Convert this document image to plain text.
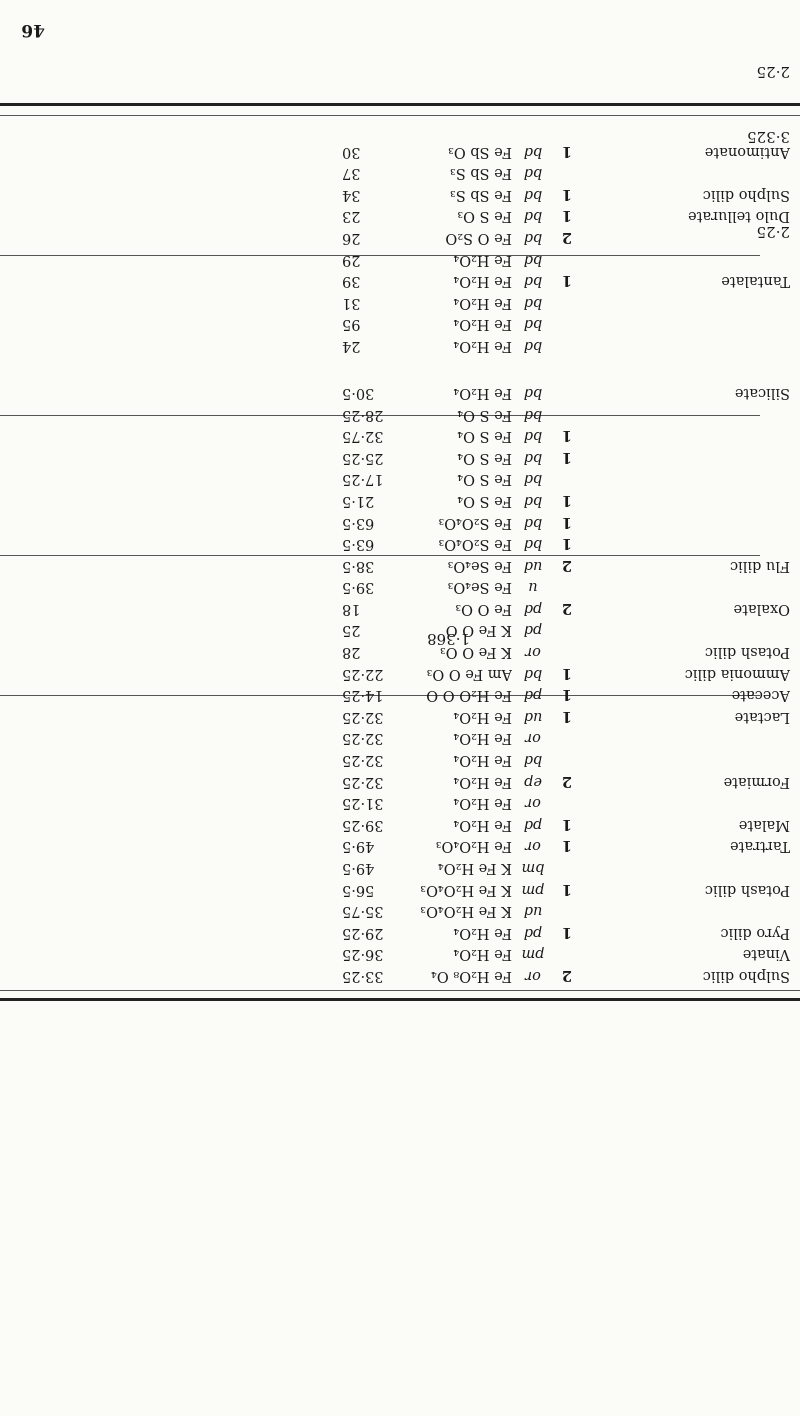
46
1·368
Sulpho dilic	2	or	Fe H₂O₈ O₄	33·25					
Vinate		pm	Fe H₂O₄	36·25					
Pyro dilic	1	pd	Fe H₂O₄	29·25					
		ud	K Fe H₂O₄O₃	35·75					
Potash dilic	1	pm	K Fe H₂O₄O₃	56·5					
		bm	K Fe H₂O₄	49·5					
Tartrate	1	or	Fe H₂O₄O₃	49·5					
Malate	1	pd	Fe H₂O₄	39·25					
		or	Fe H₂O₄	31·25					
Formiate	2	ep	Fe H₂O₄	32·25					
		bd	Fe H₂O₄	32·25					
		or	Fe H₂O₄	32·25					
Lactate	1	ud	Fe H₂O₄	32·25					
Acecate	1	pd	Fe H₂O O O	14·25					
Ammonia dilic	1	bd	Am Fe O O₃	22·25					
Potash dilic		or	K Fe O O₃	28					
		pd	K Fe O O	25					
Oxalate	2	pd	Fe O O₃	18					
		u	Fe Se₄O₃	39·5					
Flu dilic	2	ud	Fe Se₄O₃	38·5					
	1	bd	Fe S₂O₄O₃	63·5					
	1	bd	Fe S₂O₄O₃	63·5					
	1	bd	Fe S O₄	21·5					
		bd	Fe S O₄	17·25					
	1	bd	Fe S O₄	25·25					
	1	bd	Fe S O₄	32·75					
		bd	Fe S O₄	28·25					
Silicate		bd	Fe H₂O₄	30·5					
		bd	Fe H₂O₄	24					
		bd	Fe H₂O₄	95					
		bd	Fe H₂O₄	31					
Tantalate	1	bd	Fe H₂O₄	39					
		bd	Fe H₂O₄	29					
	2	bd	Fe O S₂O	26					
Dulo tellurate	1	bd	Fe S O₃	23					
Sulpho dilic	1	bd	Fe Sb S₃	34					
		bd	Fe Sb S₃	37					
Antimonate	1	bd	Fe Sb O₃	30					
2·25
3·325
2·25
